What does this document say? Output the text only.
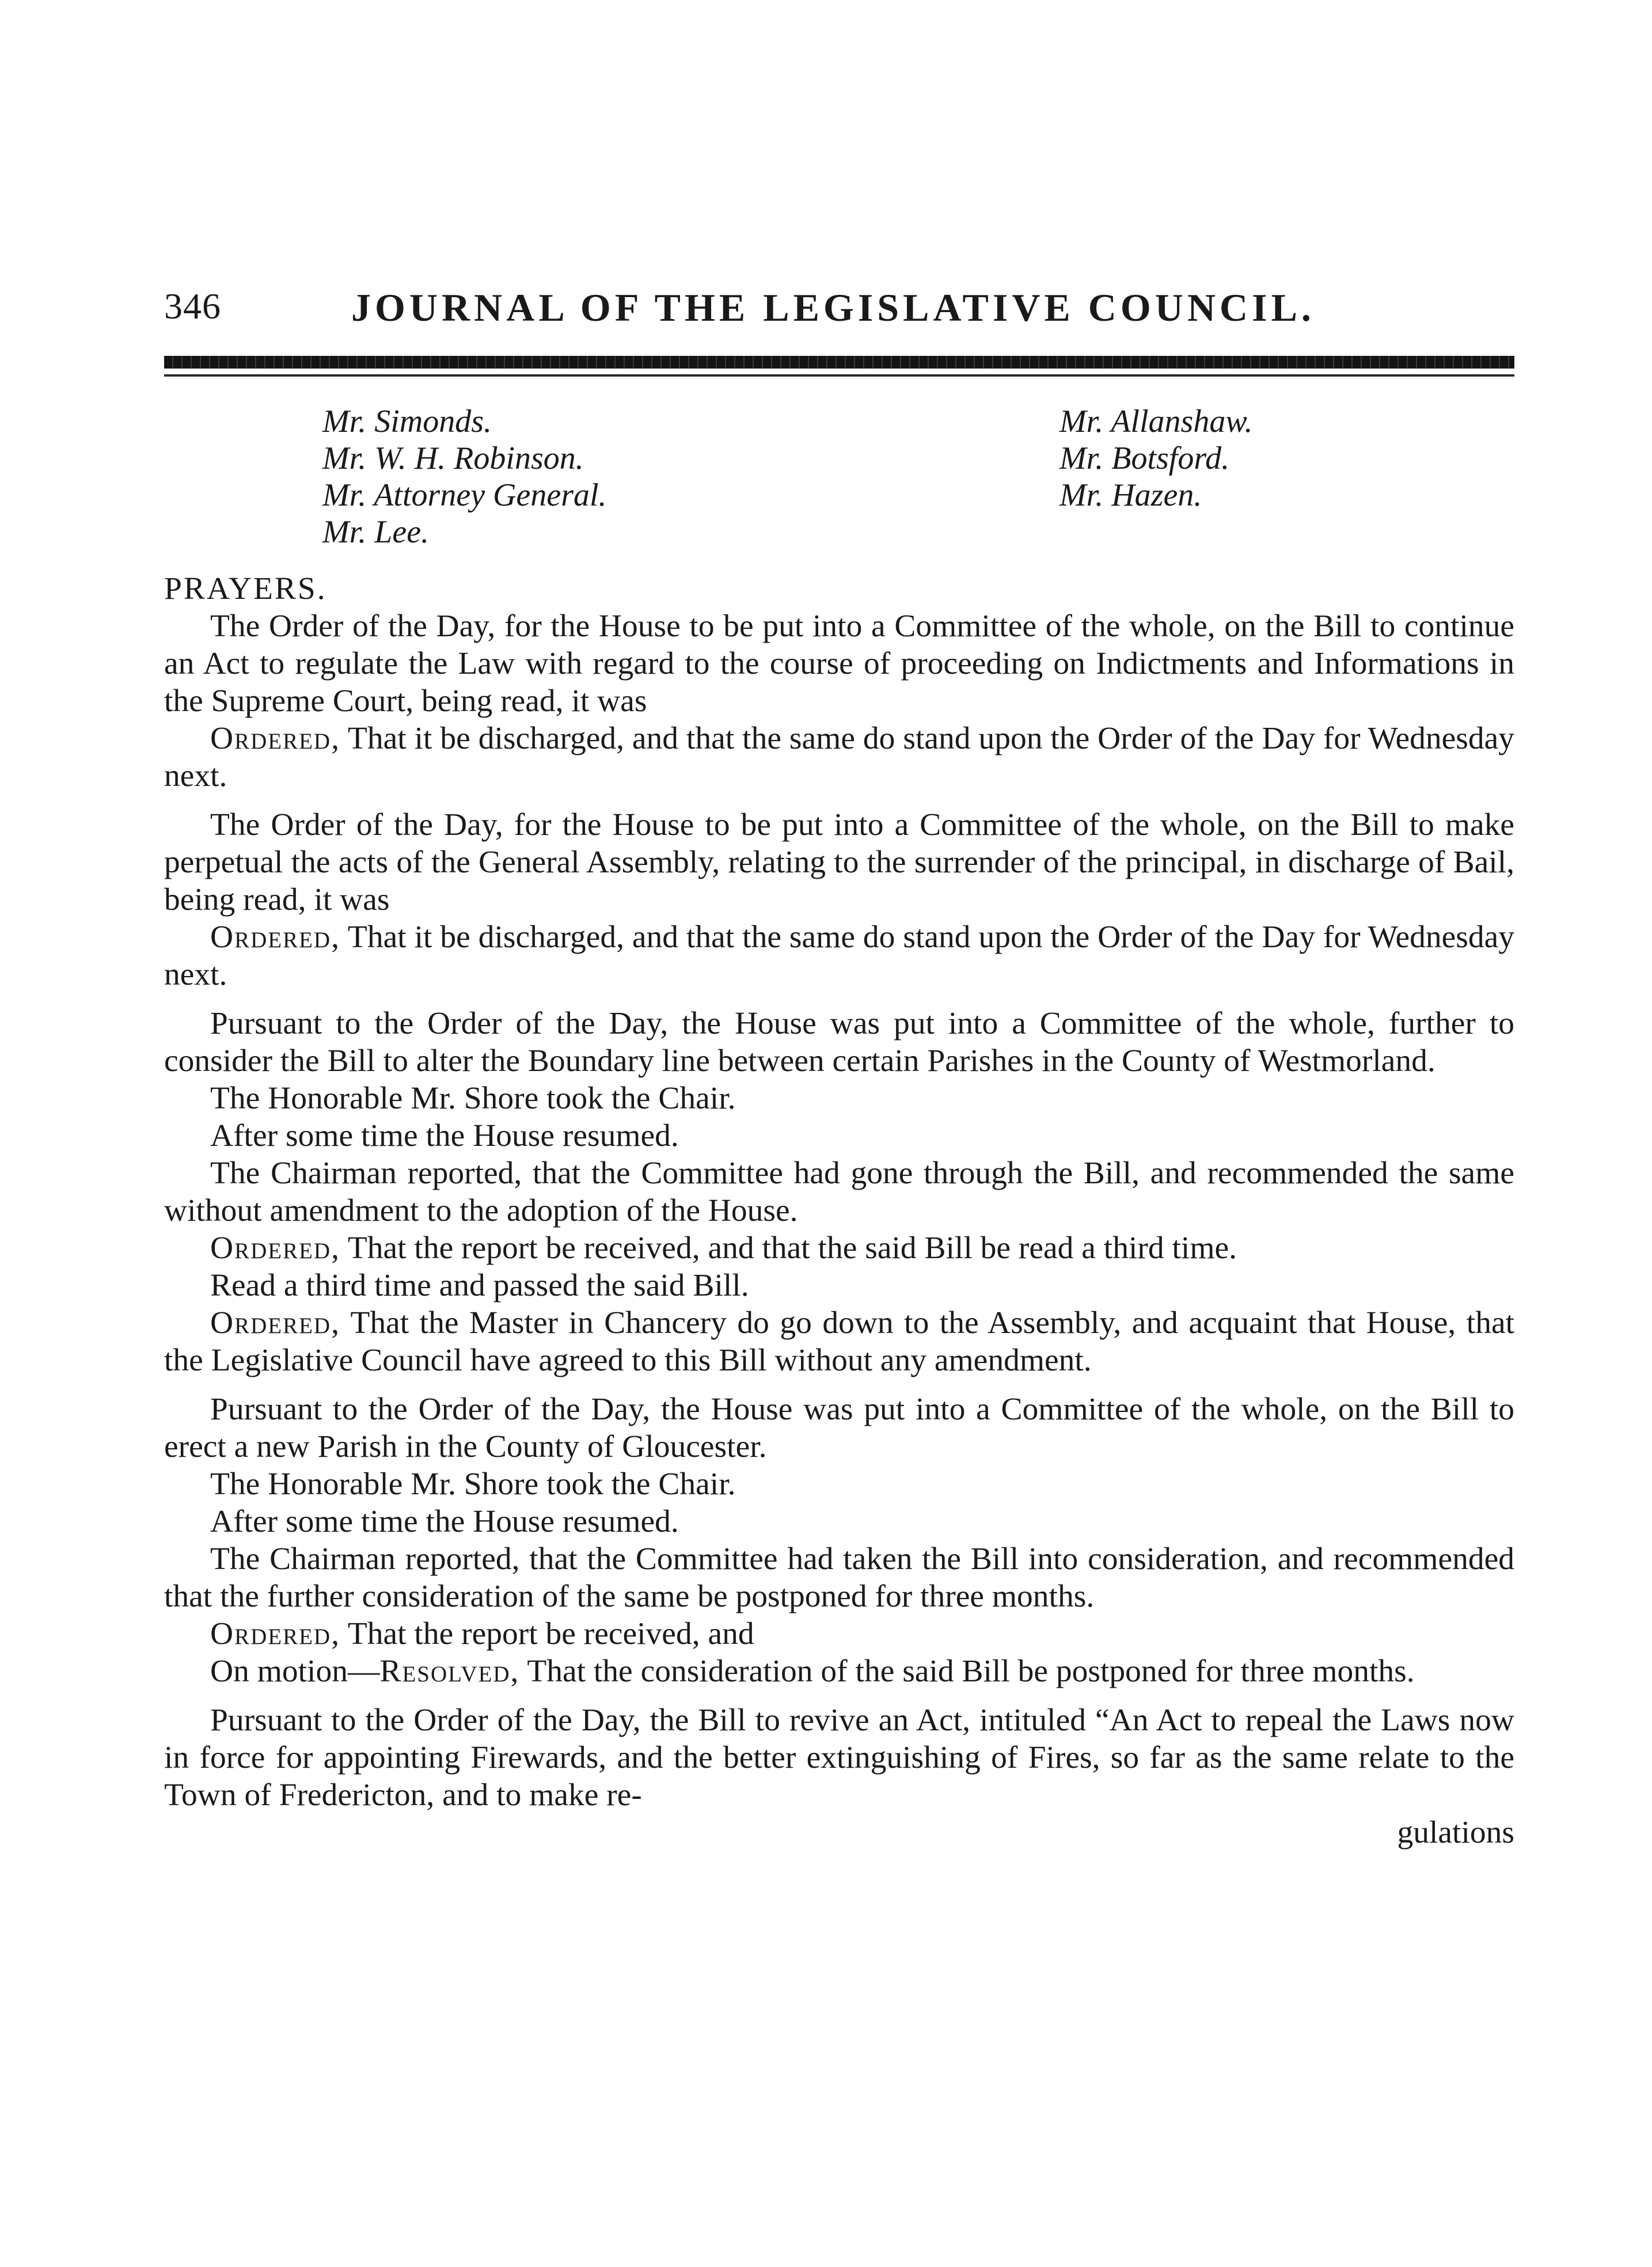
346	JOURNAL OF THE LEGISLATIVE COUNCIL.
Mr. Simonds.
Mr. W. H. Robinson.
Mr. Attorney General.
Mr. Lee.
Mr. Allanshaw.
Mr. Botsford.
Mr. Hazen.

PRAYERS.

The Order of the Day, for the House to be put into a Committee of the whole, on the Bill to continue an Act to regulate the Law with regard to the course of proceeding on Indictments and Informations in the Supreme Court, being read, it was

Ordered, That it be discharged, and that the same do stand upon the Order of the Day for Wednesday next.

The Order of the Day, for the House to be put into a Committee of the whole, on the Bill to make perpetual the acts of the General Assembly, relating to the surrender of the principal, in discharge of Bail, being read, it was

Ordered, That it be discharged, and that the same do stand upon the Order of the Day for Wednesday next.

Pursuant to the Order of the Day, the House was put into a Committee of the whole, further to consider the Bill to alter the Boundary line between certain Parishes in the County of Westmorland.

The Honorable Mr. Shore took the Chair.

After some time the House resumed.

The Chairman reported, that the Committee had gone through the Bill, and recommended the same without amendment to the adoption of the House.

Ordered, That the report be received, and that the said Bill be read a third time.

Read a third time and passed the said Bill.

Ordered, That the Master in Chancery do go down to the Assembly, and acquaint that House, that the Legislative Council have agreed to this Bill without any amendment.

Pursuant to the Order of the Day, the House was put into a Committee of the whole, on the Bill to erect a new Parish in the County of Gloucester.

The Honorable Mr. Shore took the Chair.

After some time the House resumed.

The Chairman reported, that the Committee had taken the Bill into consideration, and recommended that the further consideration of the same be postponed for three months.

Ordered, That the report be received, and

On motion—Resolved, That the consideration of the said Bill be postponed for three months.

Pursuant to the Order of the Day, the Bill to revive an Act, intituled “An Act to repeal the Laws now in force for appointing Firewards, and the better extinguishing of Fires, so far as the same relate to the Town of Fredericton, and to make re-

gulations
